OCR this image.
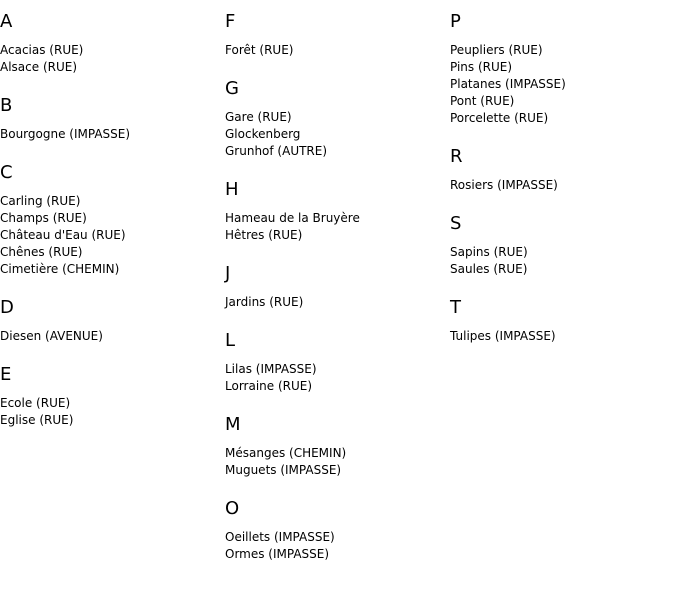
A
Acacias (RUE)
Alsace (RUE)
B
Bourgogne (IMPASSE)
C
Carling (RUE)
Champs (RUE)
Château d'Eau (RUE)
Chênes (RUE)
Cimetière (CHEMIN)
D
Diesen (AVENUE)
E
Ecole (RUE)
Eglise (RUE)
F
Forêt (RUE)
G
Gare (RUE)
Glockenberg
Grunhof (AUTRE)
H
Hameau de la Bruyère
Hêtres (RUE)
J
Jardins (RUE)
L
Lilas (IMPASSE)
Lorraine (RUE)
M
Mésanges (CHEMIN)
Muguets (IMPASSE)
O
Oeillets (IMPASSE)
Ormes (IMPASSE)
P
Peupliers (RUE)
Pins (RUE)
Platanes (IMPASSE)
Pont (RUE)
Porcelette (RUE)
R
Rosiers (IMPASSE)
S
Sapins (RUE)
Saules (RUE)
T
Tulipes (IMPASSE)
